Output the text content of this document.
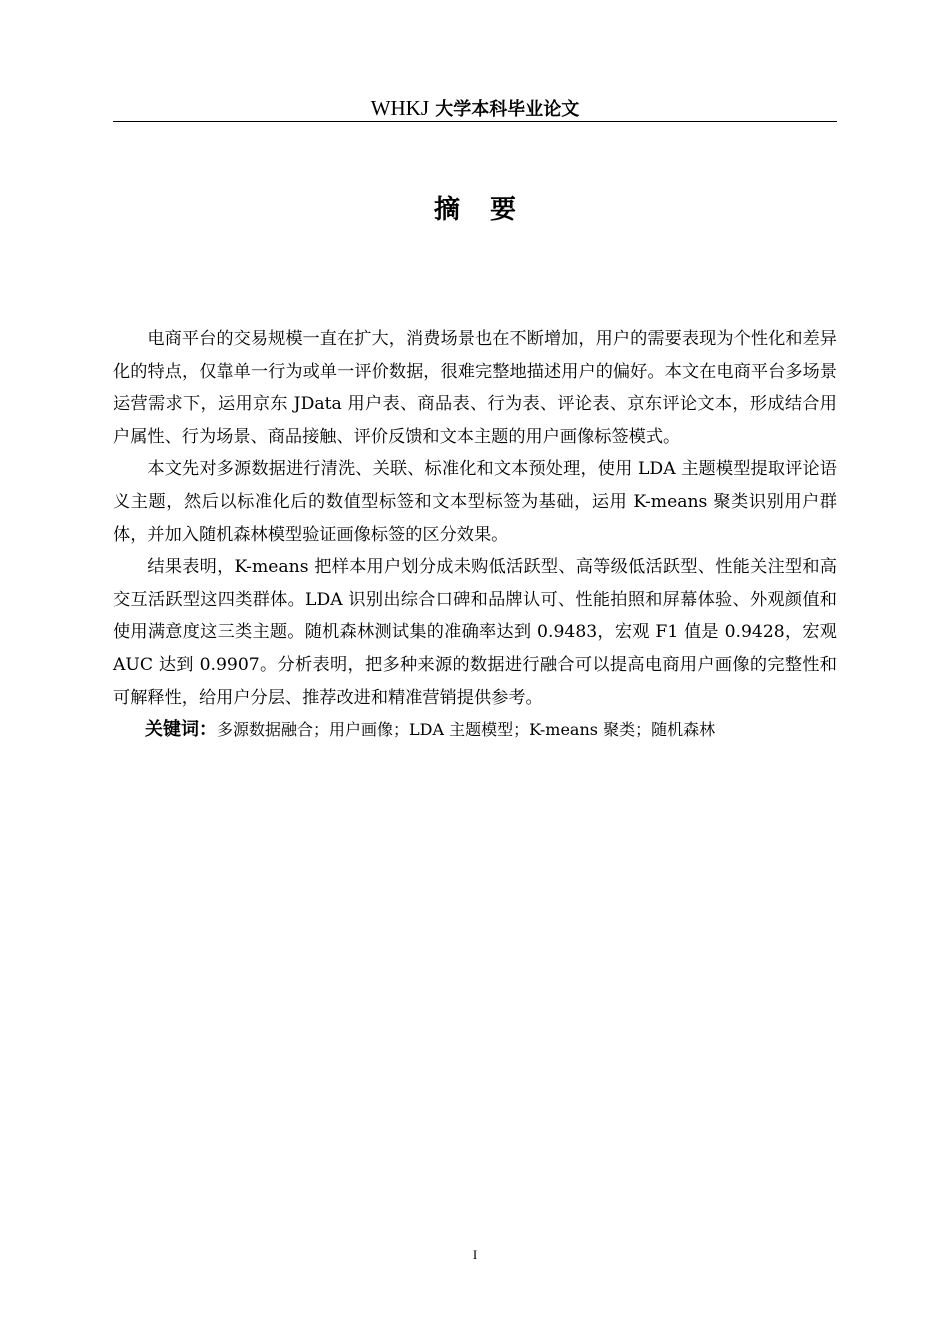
WHKJ 大学本科毕业论文
摘要

电商平台的交易规模一直在扩大，消费场景也在不断增加，用户的需要表现为个性化和差异化的特点，仅靠单一行为或单一评价数据，很难完整地描述用户的偏好。本文在电商平台多场景运营需求下，运用京东 JData 用户表、商品表、行为表、评论表、京东评论文本，形成结合用户属性、行为场景、商品接触、评价反馈和文本主题的用户画像标签模式。

本文先对多源数据进行清洗、关联、标准化和文本预处理，使用 LDA 主题模型提取评论语义主题，然后以标准化后的数值型标签和文本型标签为基础，运用 K-means 聚类识别用户群体，并加入随机森林模型验证画像标签的区分效果。

结果表明，K-means 把样本用户划分成未购低活跃型、高等级低活跃型、性能关注型和高交互活跃型这四类群体。LDA 识别出综合口碑和品牌认可、性能拍照和屏幕体验、外观颜值和使用满意度这三类主题。随机森林测试集的准确率达到 0.9483，宏观 F1 值是 0.9428，宏观 AUC 达到 0.9907。分析表明，把多种来源的数据进行融合可以提高电商用户画像的完整性和可解释性，给用户分层、推荐改进和精准营销提供参考。

关键词：多源数据融合；用户画像；LDA 主题模型；K-means 聚类；随机森林

I
